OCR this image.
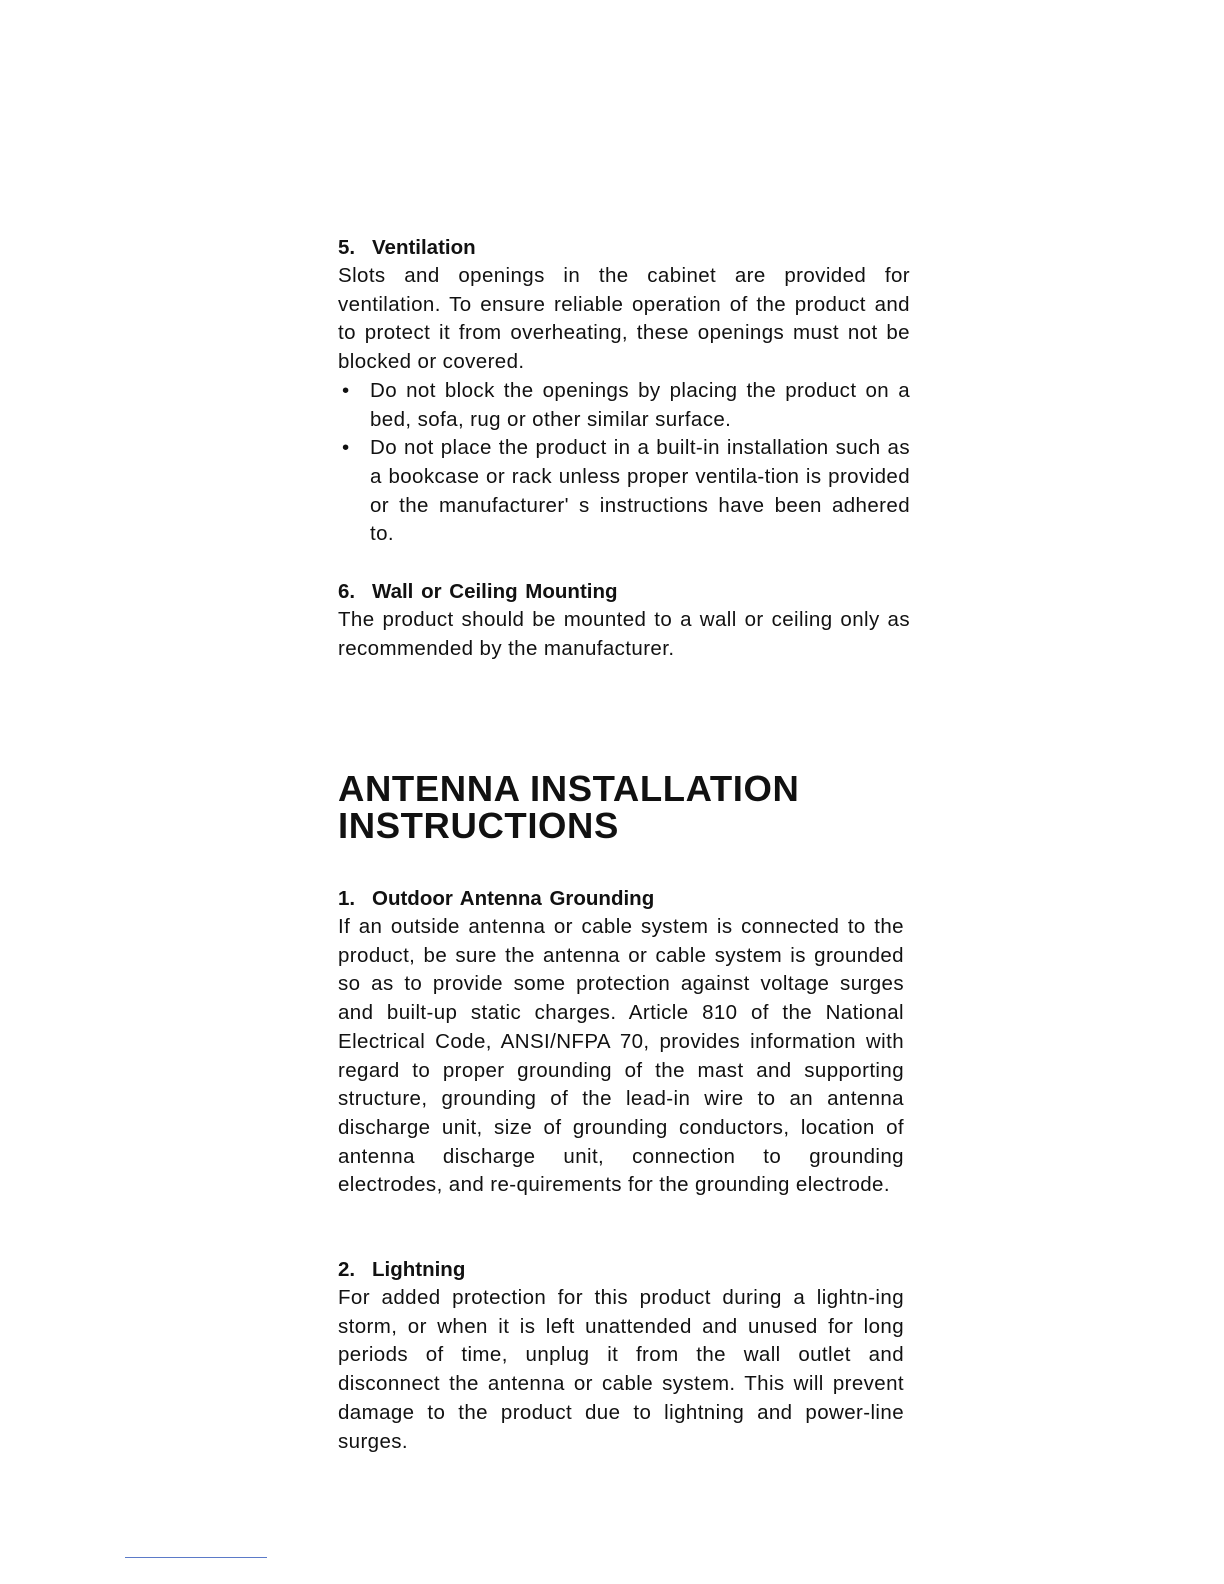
5. Ventilation
Slots and openings in the cabinet are provided for ventilation. To ensure reliable operation of the product and to protect it from overheating, these openings must not be blocked or covered.
• Do not block the openings by placing the product on a bed, sofa, rug or other similar surface.
• Do not place the product in a built-in installation such as a bookcase or rack unless proper ventila-tion is provided or the manufacturer' s instructions have been adhered to.
6. Wall or Ceiling Mounting
The product should be mounted to a wall or ceiling only as recommended by the manufacturer.
ANTENNA INSTALLATION
INSTRUCTIONS
1. Outdoor Antenna Grounding
If an outside antenna or cable system is connected to the product, be sure the antenna or cable system is grounded so as to provide some protection against voltage surges and built-up static charges. Article 810 of the National Electrical Code, ANSI/NFPA 70, provides information with regard to proper grounding of the mast and supporting structure, grounding of the lead-in wire to an antenna discharge unit, size of grounding conductors, location of antenna discharge unit, connection to grounding electrodes, and re-quirements for the grounding electrode.
2. Lightning
For added protection for this product during a lightn-ing storm, or when it is left unattended and unused for long periods of time, unplug it from the wall outlet and disconnect the antenna or cable system. This will prevent damage to the product due to lightning and power-line surges.
